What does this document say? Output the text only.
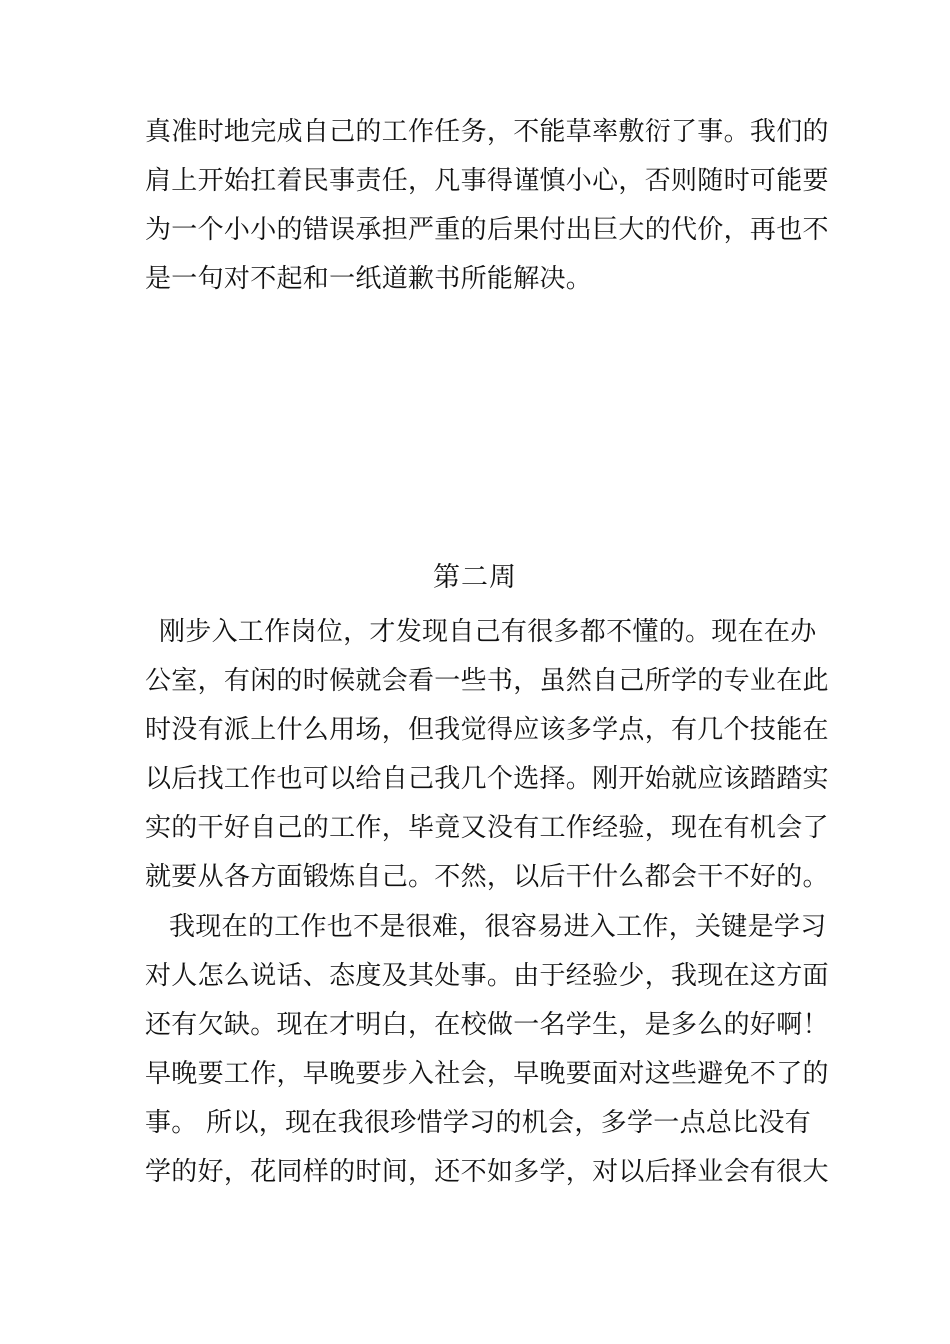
真准时地完成自己的工作任务，不能草率敷衍了事。我们的
肩上开始扛着民事责任，凡事得谨慎小心，否则随时可能要
为一个小小的错误承担严重的后果付出巨大的代价，再也不
是一句对不起和一纸道歉书所能解决。
第二周
刚步入工作岗位，才发现自己有很多都不懂的。现在在办
公室，有闲的时候就会看一些书，虽然自己所学的专业在此
时没有派上什么用场，但我觉得应该多学点，有几个技能在
以后找工作也可以给自己我几个选择。刚开始就应该踏踏实
实的干好自己的工作，毕竟又没有工作经验，现在有机会了
就要从各方面锻炼自己。不然，以后干什么都会干不好的。
我现在的工作也不是很难，很容易进入工作，关键是学习
对人怎么说话、态度及其处事。由于经验少，我现在这方面
还有欠缺。现在才明白，在校做一名学生，是多么的好啊！
早晚要工作，早晚要步入社会，早晚要面对这些避免不了的
事。 所以，现在我很珍惜学习的机会，多学一点总比没有
学的好，花同样的时间，还不如多学，对以后择业会有很大
